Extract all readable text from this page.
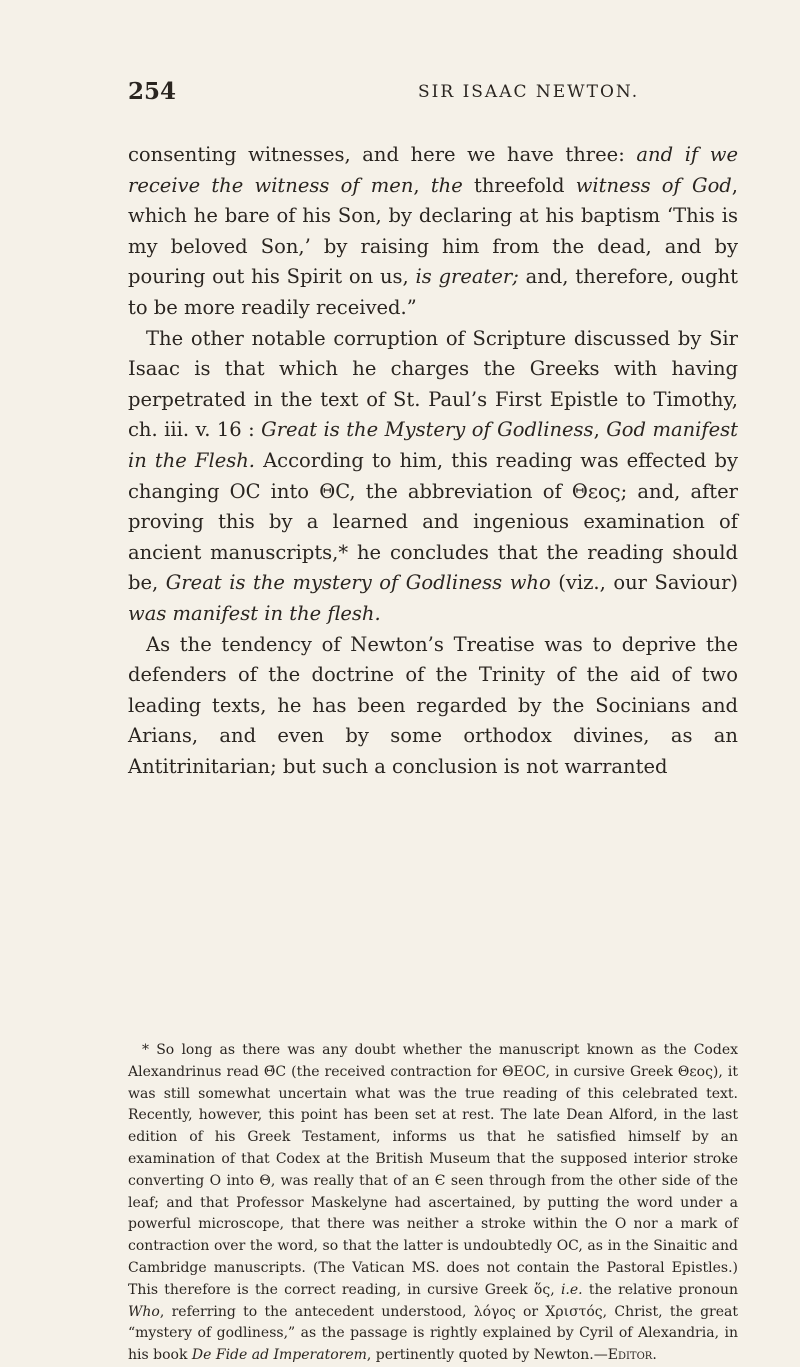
254	SIR ISAAC NEWTON.

consenting witnesses, and here we have three: and if we receive the witness of men, the threefold witness of God, which he bare of his Son, by declaring at his baptism ‘This is my beloved Son,’ by raising him from the dead, and by pouring out his Spirit on us, is greater; and, therefore, ought to be more readily received.”

The other notable corruption of Scripture discussed by Sir Isaac is that which he charges the Greeks with having perpetrated in the text of St. Paul’s First Epistle to Timothy, ch. iii. v. 16 : Great is the Mystery of Godliness, God manifest in the Flesh. According to him, this reading was effected by changing ΟC into ΘC, the abbreviation of Θεος; and, after proving this by a learned and ingenious examination of ancient manuscripts,* he concludes that the reading should be, Great is the mystery of Godliness who (viz., our Saviour) was manifest in the flesh.

As the tendency of Newton’s Treatise was to deprive the defenders of the doctrine of the Trinity of the aid of two leading texts, he has been regarded by the Socinians and Arians, and even by some orthodox divines, as an Antitrinitarian; but such a conclusion is not warranted

* So long as there was any doubt whether the manuscript known as the Codex Alexandrinus read Θ̄C (the received contraction for ΘΕΟC, in cursive Greek Θεος), it was still somewhat uncertain what was the true reading of this celebrated text. Recently, however, this point has been set at rest. The late Dean Alford, in the last edition of his Greek Testament, informs us that he satisfied himself by an examination of that Codex at the British Museum that the supposed interior stroke converting O into Θ, was really that of an Є seen through from the other side of the leaf; and that Professor Maskelyne had ascertained, by putting the word under a powerful microscope, that there was neither a stroke within the O nor a mark of contraction over the word, so that the latter is undoubtedly OC, as in the Sinaitic and Cambridge manuscripts. (The Vatican MS. does not contain the Pastoral Epistles.) This therefore is the correct reading, in cursive Greek ὅς, i.e. the relative pronoun Who, referring to the antecedent understood, λόγος or Χριστός, Christ, the great “mystery of godliness,” as the passage is rightly explained by Cyril of Alexandria, in his book De Fide ad Imperatorem, pertinently quoted by Newton.—Editor.
